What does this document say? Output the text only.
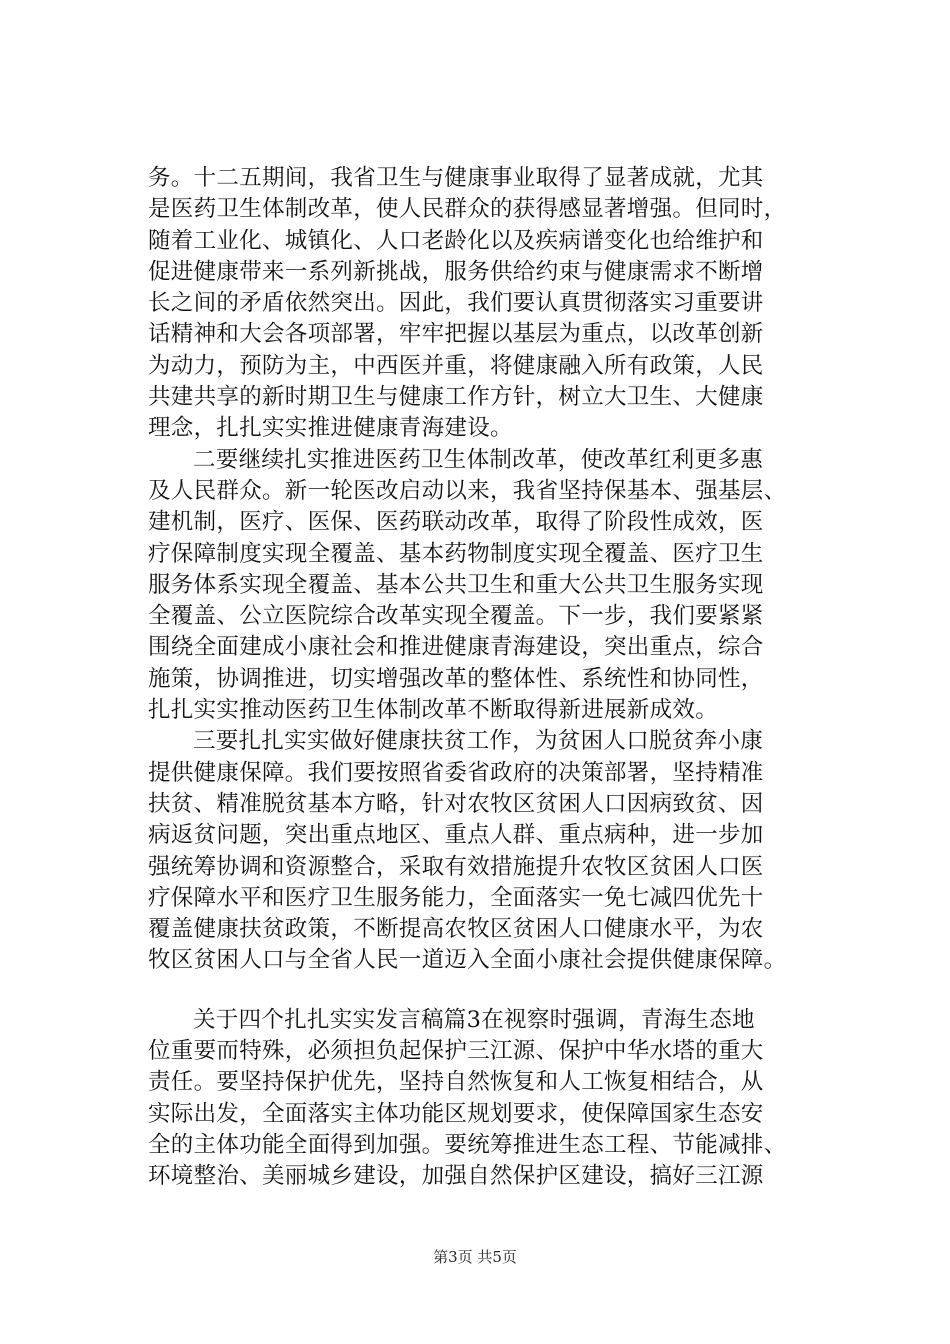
务。十二五期间，我省卫生与健康事业取得了显著成就，尤其
是医药卫生体制改革，使人民群众的获得感显著增强。但同时，
随着工业化、城镇化、人口老龄化以及疾病谱变化也给维护和
促进健康带来一系列新挑战，服务供给约束与健康需求不断增
长之间的矛盾依然突出。因此，我们要认真贯彻落实习重要讲
话精神和大会各项部署，牢牢把握以基层为重点，以改革创新
为动力，预防为主，中西医并重，将健康融入所有政策，人民
共建共享的新时期卫生与健康工作方针，树立大卫生、大健康
理念，扎扎实实推进健康青海建设。
二要继续扎实推进医药卫生体制改革，使改革红利更多惠
及人民群众。新一轮医改启动以来，我省坚持保基本、强基层、
建机制，医疗、医保、医药联动改革，取得了阶段性成效，医
疗保障制度实现全覆盖、基本药物制度实现全覆盖、医疗卫生
服务体系实现全覆盖、基本公共卫生和重大公共卫生服务实现
全覆盖、公立医院综合改革实现全覆盖。下一步，我们要紧紧
围绕全面建成小康社会和推进健康青海建设，突出重点，综合
施策，协调推进，切实增强改革的整体性、系统性和协同性，
扎扎实实推动医药卫生体制改革不断取得新进展新成效。
三要扎扎实实做好健康扶贫工作，为贫困人口脱贫奔小康
提供健康保障。我们要按照省委省政府的决策部署，坚持精准
扶贫、精准脱贫基本方略，针对农牧区贫困人口因病致贫、因
病返贫问题，突出重点地区、重点人群、重点病种，进一步加
强统筹协调和资源整合，采取有效措施提升农牧区贫困人口医
疗保障水平和医疗卫生服务能力，全面落实一免七减四优先十
覆盖健康扶贫政策，不断提高农牧区贫困人口健康水平，为农
牧区贫困人口与全省人民一道迈入全面小康社会提供健康保障。
关于四个扎扎实实发言稿篇3在视察时强调，青海生态地
位重要而特殊，必须担负起保护三江源、保护中华水塔的重大
责任。要坚持保护优先，坚持自然恢复和人工恢复相结合，从
实际出发，全面落实主体功能区规划要求，使保障国家生态安
全的主体功能全面得到加强。要统筹推进生态工程、节能减排、
环境整治、美丽城乡建设，加强自然保护区建设，搞好三江源
第3页 共5页
